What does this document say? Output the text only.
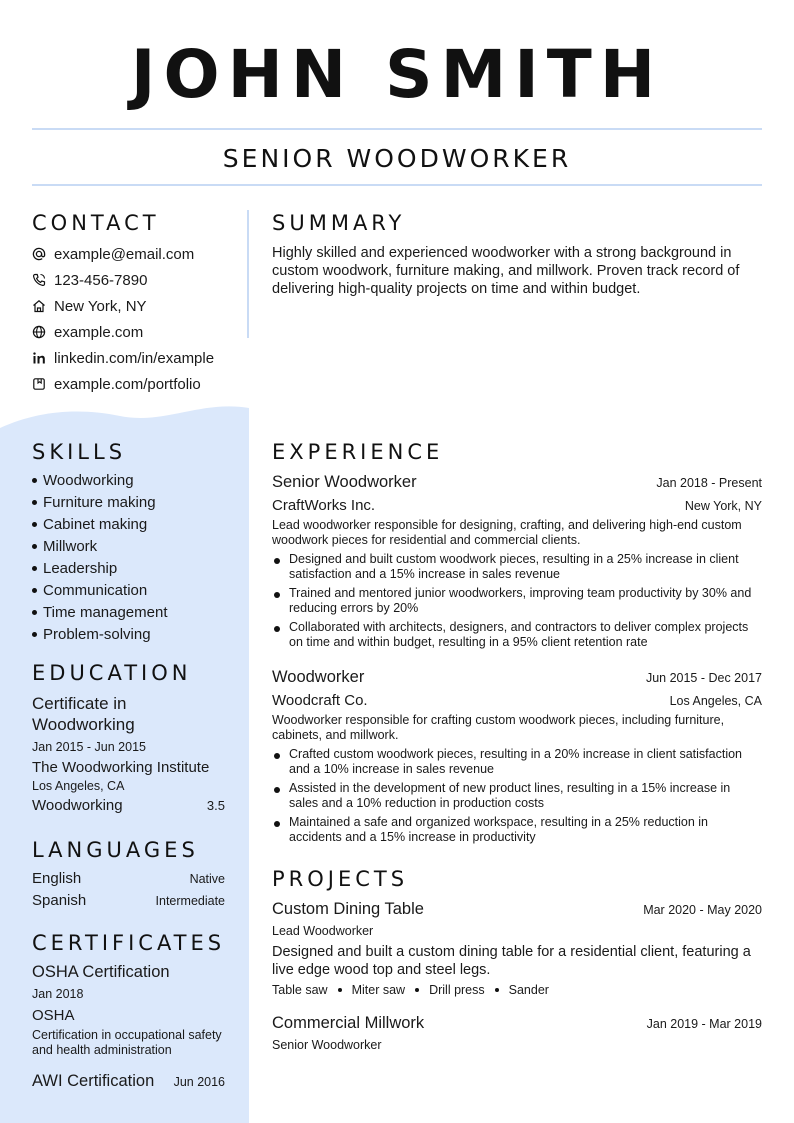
JOHN SMITH
SENIOR WOODWORKER
CONTACT
example@email.com
123-456-7890
New York, NY
example.com
linkedin.com/in/example
example.com/portfolio
SKILLS
Woodworking
Furniture making
Cabinet making
Millwork
Leadership
Communication
Time management
Problem-solving
EDUCATION
Certificate in Woodworking
Jan 2015 - Jun 2015
The Woodworking Institute
Los Angeles, CA
Woodworking	3.5
LANGUAGES
English	Native
Spanish	Intermediate
CERTIFICATES
OSHA Certification
Jan 2018
OSHA
Certification in occupational safety and health administration
AWI Certification Jun 2016
SUMMARY
Highly skilled and experienced woodworker with a strong background in custom woodwork, furniture making, and millwork. Proven track record of delivering high-quality projects on time and within budget.
EXPERIENCE
Senior Woodworker	Jan 2018 - Present
CraftWorks Inc.	New York, NY
Lead woodworker responsible for designing, crafting, and delivering high-end custom woodwork pieces for residential and commercial clients.
Designed and built custom woodwork pieces, resulting in a 25% increase in client satisfaction and a 15% increase in sales revenue
Trained and mentored junior woodworkers, improving team productivity by 30% and reducing errors by 20%
Collaborated with architects, designers, and contractors to deliver complex projects on time and within budget, resulting in a 95% client retention rate
Woodworker	Jun 2015 - Dec 2017
Woodcraft Co.	Los Angeles, CA
Woodworker responsible for crafting custom woodwork pieces, including furniture, cabinets, and millwork.
Crafted custom woodwork pieces, resulting in a 20% increase in client satisfaction and a 10% increase in sales revenue
Assisted in the development of new product lines, resulting in a 15% increase in sales and a 10% reduction in production costs
Maintained a safe and organized workspace, resulting in a 25% reduction in accidents and a 15% increase in productivity
PROJECTS
Custom Dining Table	Mar 2020 - May 2020
Lead Woodworker
Designed and built a custom dining table for a residential client, featuring a live edge wood top and steel legs.
Table saw Miter saw Drill press Sander
Commercial Millwork	Jan 2019 - Mar 2019
Senior Woodworker
